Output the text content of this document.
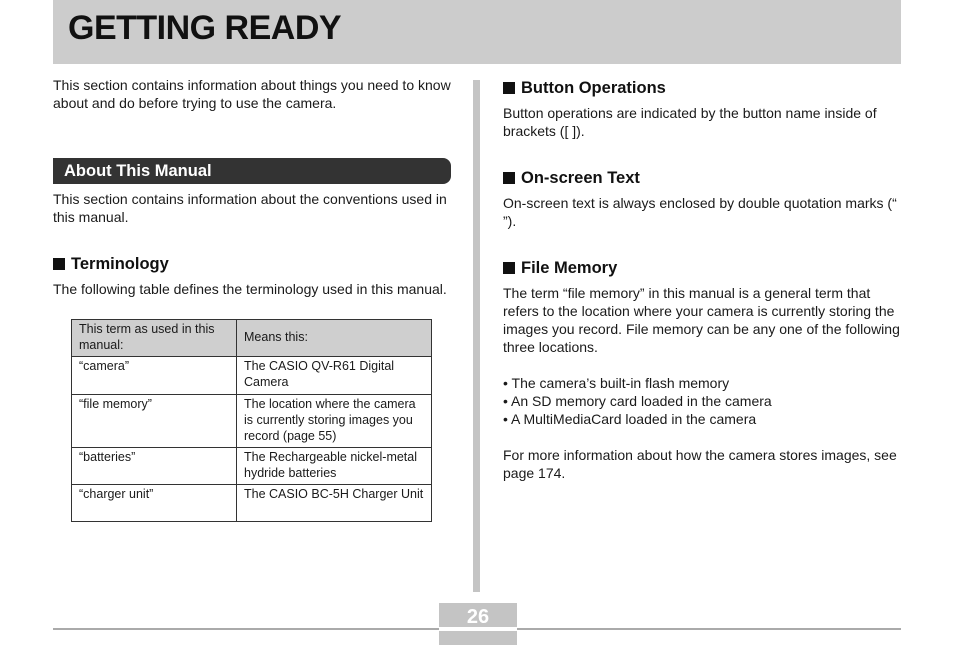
GETTING READY

This section contains information about things you need to know about and do before trying to use the camera.

About This Manual

This section contains information about the conventions used in this manual.

Terminology

The following table defines the terminology used in this manual.

This term as used in this manual:	Means this:
“camera”	The CASIO QV-R61 Digital Camera
“file memory”	The location where the camera is currently storing images you record (page 55)
“batteries”	The Rechargeable nickel-metal hydride batteries
“charger unit”	The CASIO BC-5H Charger Unit
Button Operations

Button operations are indicated by the button name inside of brackets ([ ]).

On-screen Text

On-screen text is always enclosed by double quotation marks (“ ”).

File Memory

The term “file memory” in this manual is a general term that refers to the location where your camera is currently storing the images you record. File memory can be any one of the following three locations.

• The camera’s built-in flash memory
• An SD memory card loaded in the camera
• A MultiMediaCard loaded in the camera

For more information about how the camera stores images, see page 174.

26
